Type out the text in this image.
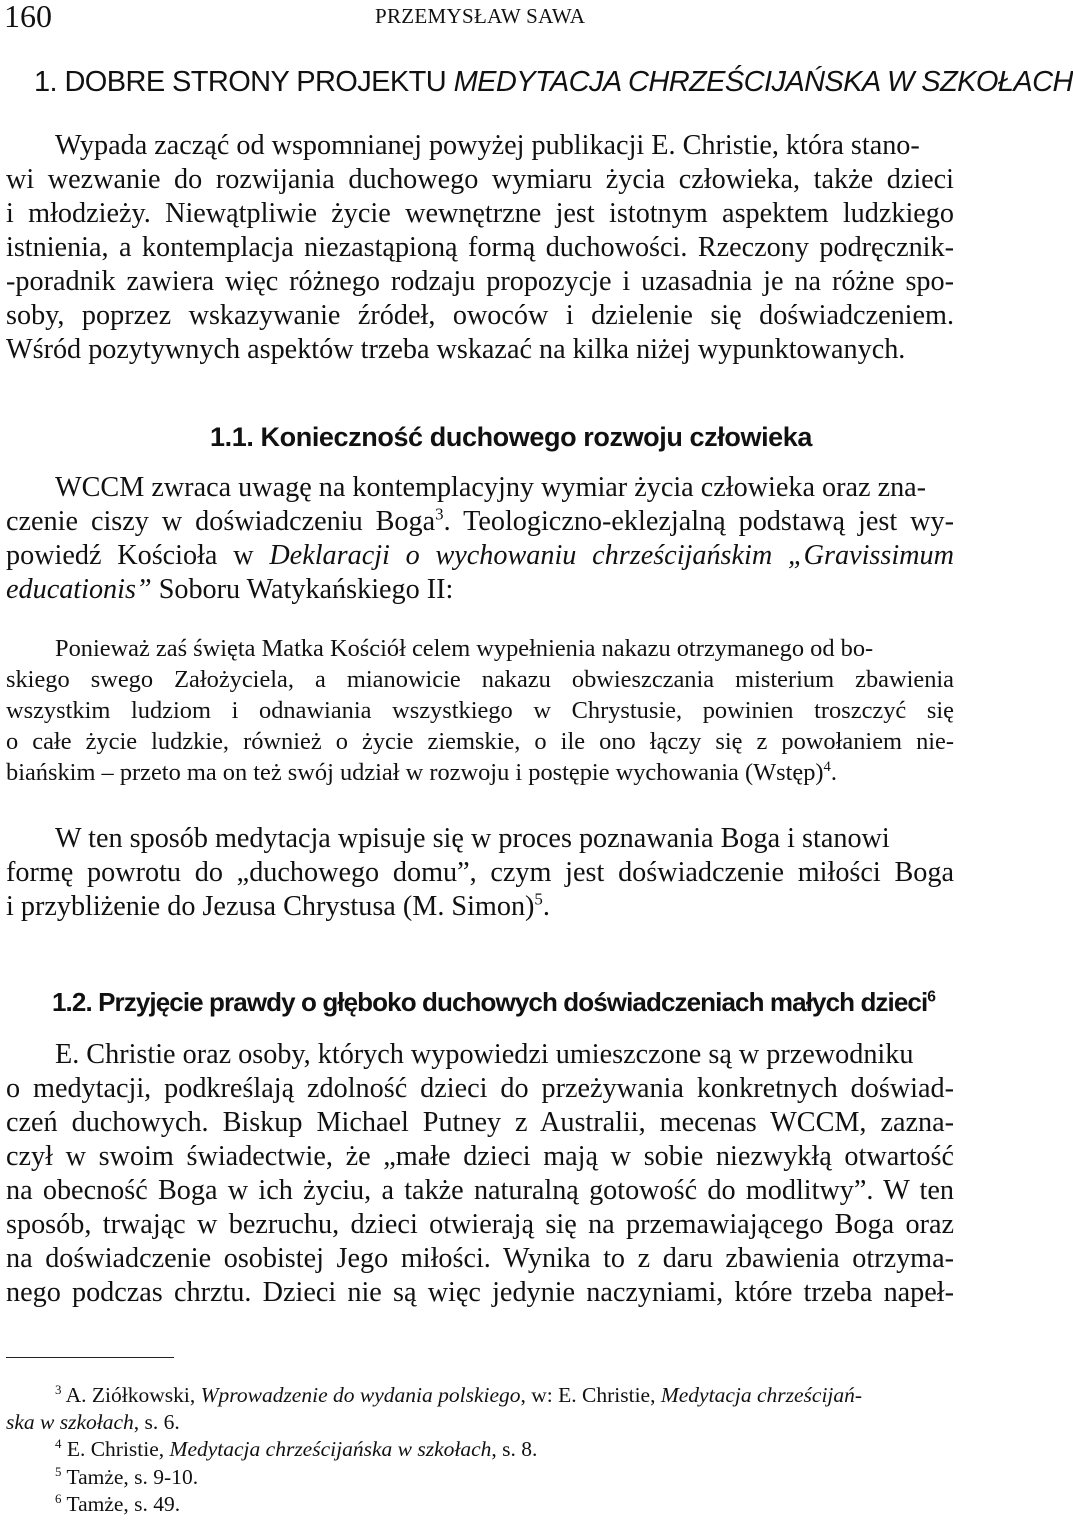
160	PRZEMYSŁAW SAWA
1. DOBRE STRONY PROJEKTU MEDYTACJA CHRZEŚCIJAŃSKA W SZKOŁACH
Wypada zacząć od wspomnianej powyżej publikacji E. Christie, która stano-
wi wezwanie do rozwijania duchowego wymiaru życia człowieka, także dzieci
i młodzieży. Niewątpliwie życie wewnętrzne jest istotnym aspektem ludzkiego
istnienia, a kontemplacja niezastąpioną formą duchowości. Rzeczony podręcznik-
-poradnik zawiera więc różnego rodzaju propozycje i uzasadnia je na różne spo-
soby, poprzez wskazywanie źródeł, owoców i dzielenie się doświadczeniem.
Wśród pozytywnych aspektów trzeba wskazać na kilka niżej wypunktowanych.
1.1. Konieczność duchowego rozwoju człowieka
WCCM zwraca uwagę na kontemplacyjny wymiar życia człowieka oraz zna-
czenie ciszy w doświadczeniu Boga$^3$. Teologiczno-eklezjalną podstawą jest wy-
powiedź Kościoła w Deklaracji o wychowaniu chrześcijańskim „Gravissimum
educationis” Soboru Watykańskiego II:
Ponieważ zaś święta Matka Kościół celem wypełnienia nakazu otrzymanego od bo-
skiego swego Założyciela, a mianowicie nakazu obwieszczania misterium zbawienia
wszystkim ludziom i odnawiania wszystkiego w Chrystusie, powinien troszczyć się
o całe życie ludzkie, również o życie ziemskie, o ile ono łączy się z powołaniem nie-
biańskim – przeto ma on też swój udział w rozwoju i postępie wychowania (Wstęp)$^4$.
W ten sposób medytacja wpisuje się w proces poznawania Boga i stanowi
formę powrotu do „duchowego domu”, czym jest doświadczenie miłości Boga
i przybliżenie do Jezusa Chrystusa (M. Simon)$^5$.
1.2. Przyjęcie prawdy o głęboko duchowych doświadczeniach małych dzieci$^6$
E. Christie oraz osoby, których wypowiedzi umieszczone są w przewodniku
o medytacji, podkreślają zdolność dzieci do przeżywania konkretnych doświad-
czeń duchowych. Biskup Michael Putney z Australii, mecenas WCCM, zazna-
czył w swoim świadectwie, że „małe dzieci mają w sobie niezwykłą otwartość
na obecność Boga w ich życiu, a także naturalną gotowość do modlitwy”. W ten
sposób, trwając w bezruchu, dzieci otwierają się na przemawiającego Boga oraz
na doświadczenie osobistej Jego miłości. Wynika to z daru zbawienia otrzyma-
nego podczas chrztu. Dzieci nie są więc jedynie naczyniami, które trzeba napeł-
$^3$ A. Ziółkowski, Wprowadzenie do wydania polskiego, w: E. Christie, Medytacja chrześcijań-
ska w szkołach, s. 6.
$^4$ E. Christie, Medytacja chrześcijańska w szkołach, s. 8.
$^5$ Tamże, s. 9-10.
$^6$ Tamże, s. 49.
